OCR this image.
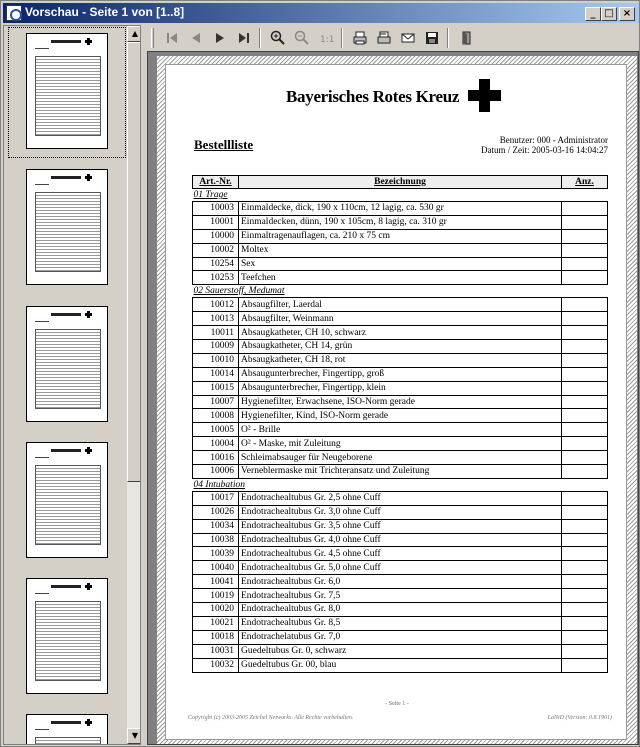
Vorschau - Seite 1 von [1..8]	_ □ ×
▲
▼
1:1
Bayerisches Rotes Kreuz
Bestellliste	Benutzer: 000 - Administrator
Datum / Zeit: 2005-03-16 14:04:27
Art.-Nr.	Bezeichnung	Anz.
01 Trage		
10003	Einmaldecke, dick, 190 x 110cm, 12 lagig, ca. 530 gr	
10001	Einmaldecken, dünn, 190 x 105cm, 8 lagig, ca. 310 gr	
10000	Einmaltragenauflagen, ca. 210 x 75 cm	
10002	Moltex	
10254	Sex	
10253	Teefchen	
02 Sauerstoff, Medumat		
10012	Absaugfilter, Laerdal	
10013	Absaugfilter, Weinmann	
10011	Absaugkatheter, CH 10, schwarz	
10009	Absaugkatheter, CH 14, grün	
10010	Absaugkatheter, CH 18, rot	
10014	Absaugunterbrecher, Fingertipp, groß	
10015	Absaugunterbrecher, Fingertipp, klein	
10007	Hygienefilter, Erwachsene, ISO-Norm gerade	
10008	Hygienefilter, Kind, ISO-Norm gerade	
10005	O² - Brille	
10004	O² - Maske, mit Zuleitung	
10016	Schleimabsauger für Neugeborene	
10006	Verneblermaske mit Trichteransatz und Zuleitung	
04 Intubation		
10017	Endotrachealtubus Gr. 2,5 ohne Cuff	
10026	Endotrachealtubus Gr. 3,0 ohne Cuff	
10034	Endotrachealtubus Gr. 3,5 ohne Cuff	
10038	Endotrachealtubus Gr. 4,0 ohne Cuff	
10039	Endotrachealtubus Gr. 4,5 ohne Cuff	
10040	Endotrachealtubus Gr. 5,0 ohne Cuff	
10041	Endotrachealtubus Gr. 6,0	
10019	Endotrachealtubus Gr. 7,5	
10020	Endotrachealtubus Gr. 8,0	
10021	Endotrachealtubus Gr. 8,5	
10018	Endotrachelatubus Gr. 7,0	
10031	Guedeltubus Gr. 0, schwarz	
10032	Guedeltubus Gr. 00, blau	
- Seite 1 -
Copyright (c) 2003-2005 Zeichel Networks. Alle Rechte vorbehalten.	LaNiD (Version: 0.8.1901)
